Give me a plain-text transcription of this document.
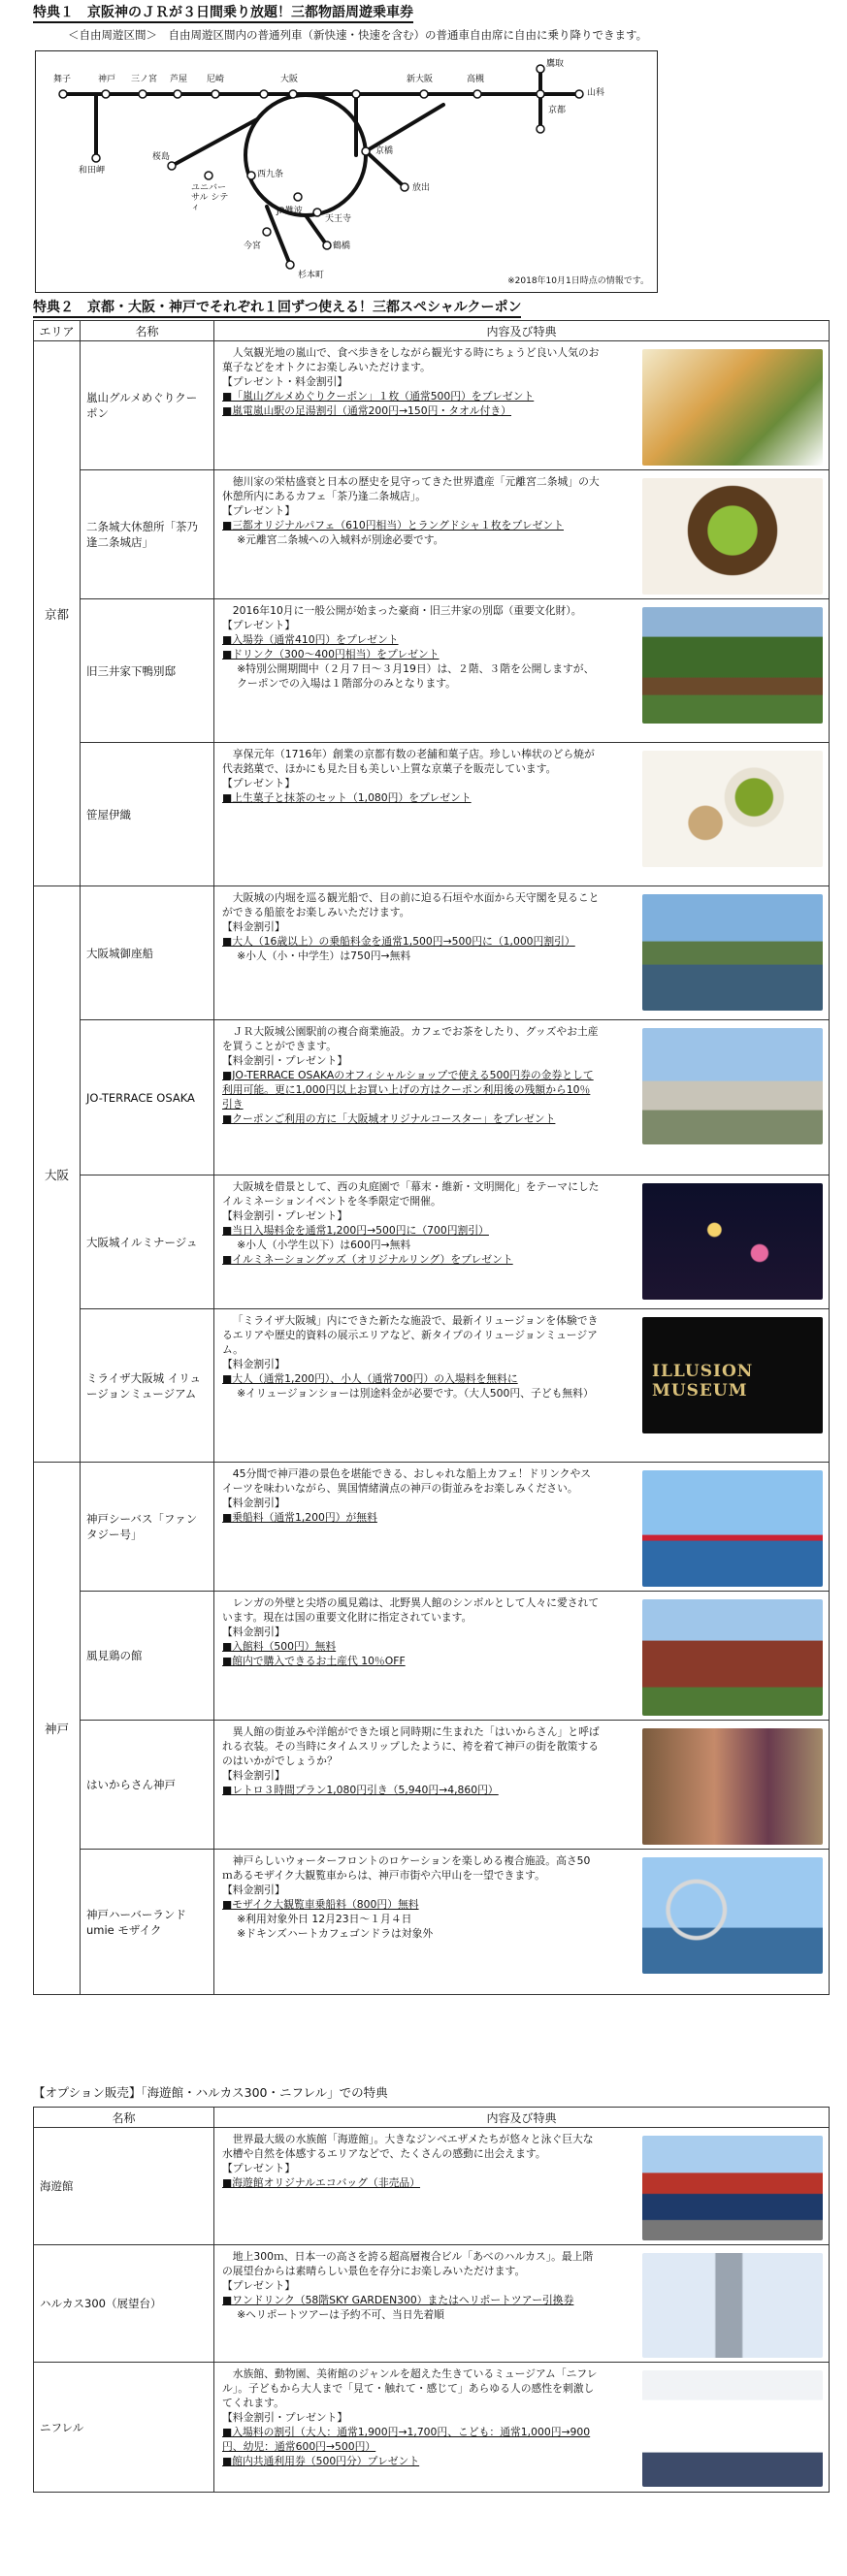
特典１　京阪神のＪＲが３日間乗り放題！三都物語周遊乗車券
＜自由周遊区間＞　自由周遊区間内の普通列車（新快速・快速を含む）の普通車自由席に自由に乗り降りできます。
舞子	神戸 三ノ宮 芦屋 尼崎	大阪	新大阪	高槻
鷹取
山科
京都
和田岬
桜島
ユニバーサル シティ
西九条
JR難波
天王寺
今宮
杉本町
放出
京橋
鶴橋
※2018年10月1日時点の情報です。
特典２　京都・大阪・神戸でそれぞれ１回ずつ使える！三都スペシャルクーポン
エリア	名称	内容及び特典
京都	嵐山グルメめぐりクーポン	人気観光地の嵐山で、食べ歩きをしながら観光する時にちょうど良い人気のお菓子などをオトクにお楽しみいただけます。
【プレゼント・料金割引】
■「嵐山グルメめぐりクーポン」１枚（通常500円）をプレゼント
■嵐電嵐山駅の足湯割引（通常200円→150円・タオル付き）

	二条城大休憩所「茶乃逢二条城店」	徳川家の栄枯盛衰と日本の歴史を見守ってきた世界遺産「元離宮二条城」の大休憩所内にあるカフェ「茶乃逢二条城店」。
【プレゼント】
■三都オリジナルパフェ（610円相当）とラングドシャ１枚をプレゼント
※元離宮二条城への入城料が別途必要です。

	旧三井家下鴨別邸	2016年10月に一般公開が始まった豪商・旧三井家の別邸（重要文化財）。
【プレゼント】
■入場券（通常410円）をプレゼント
■ドリンク（300～400円相当）をプレゼント
※特別公開期間中（２月７日～３月19日）は、２階、３階を公開しますが、クーポンでの入場は１階部分のみとなります。

	笹屋伊織	享保元年（1716年）創業の京都有数の老舗和菓子店。珍しい棒状のどら焼が代表銘菓で、ほかにも見た目も美しい上質な京菓子を販売しています。
【プレゼント】
■上生菓子と抹茶のセット（1,080円）をプレゼント

大阪	大阪城御座船	大阪城の内堀を巡る観光船で、目の前に迫る石垣や水面から天守閣を見ることができる船旅をお楽しみいただけます。
【料金割引】
■大人（16歳以上）の乗船料金を通常1,500円→500円に（1,000円割引）
※小人（小・中学生）は750円→無料

	JO-TERRACE OSAKA	ＪＲ大阪城公園駅前の複合商業施設。カフェでお茶をしたり、グッズやお土産を買うことができます。
【料金割引・プレゼント】
■JO-TERRACE OSAKAのオフィシャルショップで使える500円券の金券として利用可能。更に1,000円以上お買い上げの方はクーポン利用後の残額から10％引き
■クーポンご利用の方に「大阪城オリジナルコースター」をプレゼント

	大阪城イルミナージュ	大阪城を借景として、西の丸庭園で「幕末・維新・文明開化」をテーマにしたイルミネーションイベントを冬季限定で開催。
【料金割引・プレゼント】
■当日入場料金を通常1,200円→500円に（700円割引）
※小人（小学生以下）は600円→無料
■イルミネーショングッズ（オリジナルリング）をプレゼント

	ミライザ大阪城 イリュージョンミュージアム	「ミライザ大阪城」内にできた新たな施設で、最新イリュージョンを体験できるエリアや歴史的資料の展示エリアなど、新タイプのイリュージョンミュージアム。
【料金割引】
■大人（通常1,200円）、小人（通常700円）の入場料を無料に
※イリュージョンショーは別途料金が必要です。（大人500円、子ども無料）
ILLUSION MUSEUM

神戸	神戸シーバス「ファンタジー号」	45分間で神戸港の景色を堪能できる、おしゃれな船上カフェ！ドリンクやスイーツを味わいながら、異国情緒満点の神戸の街並みをお楽しみください。
【料金割引】
■乗船料（通常1,200円）が無料

	風見鶏の館	レンガの外壁と尖塔の風見鶏は、北野異人館のシンボルとして人々に愛されています。現在は国の重要文化財に指定されています。
【料金割引】
■入館料（500円）無料
■館内で購入できるお土産代 10％OFF

	はいからさん神戸	異人館の街並みや洋館ができた頃と同時期に生まれた「はいからさん」と呼ばれる衣装。その当時にタイムスリップしたように、袴を着て神戸の街を散策するのはいかがでしょうか？
【料金割引】
■レトロ３時間プラン1,080円引き（5,940円→4,860円）

	神戸ハーバーランド umie モザイク	神戸らしいウォーターフロントのロケーションを楽しめる複合施設。高さ50ｍあるモザイク大観覧車からは、神戸市街や六甲山を一望できます。
【料金割引】
■モザイク大観覧車乗船料（800円）無料
※利用対象外日 12月23日～１月４日
※ドキンズハートカフェゴンドラは対象外
【オプション販売】「海遊館・ハルカス300・ニフレル」での特典
名称	内容及び特典
海遊館	世界最大級の水族館「海遊館」。大きなジンベエザメたちが悠々と泳ぐ巨大な水槽や自然を体感するエリアなどで、たくさんの感動に出会えます。
【プレゼント】
■海遊館オリジナルエコバッグ（非売品）

ハルカス300（展望台）	地上300ｍ、日本一の高さを誇る超高層複合ビル「あべのハルカス」。最上階の展望台からは素晴らしい景色を存分にお楽しみいただけます。
【プレゼント】
■ワンドリンク（58階SKY GARDEN300）またはヘリポートツアー引換券
※ヘリポートツアーは予約不可、当日先着順

ニフレル	水族館、動物園、美術館のジャンルを超えた生きているミュージアム「ニフレル」。子どもから大人まで「見て・触れて・感じて」あらゆる人の感性を刺激してくれます。
【料金割引・プレゼント】
■入場料の割引（大人：通常1,900円→1,700円、こども：通常1,000円→900円、幼児：通常600円→500円）
■館内共通利用券（500円分）プレゼント
